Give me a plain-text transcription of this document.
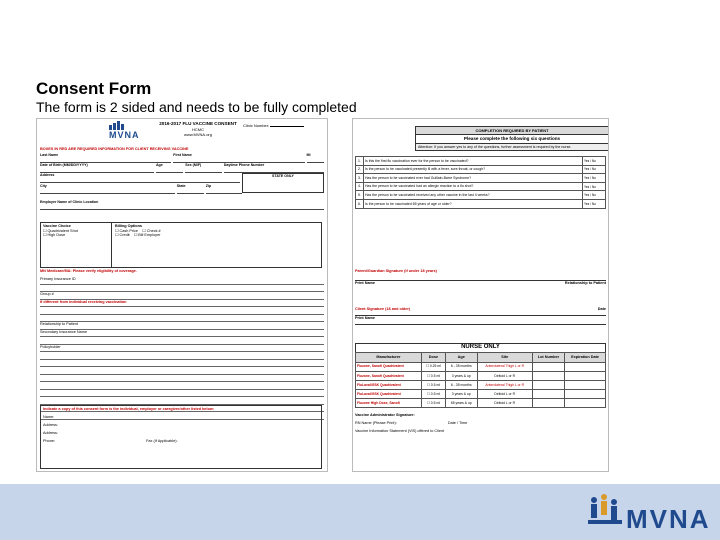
Consent Form

The form is 2 sided and needs to be fully completed

MVNA
2016-2017 FLU VACCINE CONSENT
HCMC
www.MVNA.org
Clinic Number:
BOXES IN RED ARE REQUIRED INFORMATION FOR CLIENT RECEIVING VACCINE
Last Name	First Name	MI
Date of Birth (MM/DD/YYYY)	Age	Sex (M/F)	Daytime Phone Number
Address	STATE ONLY
City	State	Zip
Employer Name of Clinic Location
Vaccine Choice
☐ Quadrivalent Shot
☐ High Dose
Billing Options
☐ Cash Price    ☐ Check #
☐ Credit    ☐ Bill Employer
MN Medicare/MA: Please verify eligibility of coverage.
Primary Insurance ID
Group #
If different from individual receiving vaccination
Relationship to Patient
Secondary Insurance Name
Policyholder
Indicate a copy of this consent form is the individual, employer or caregiver/other listed below:
Name:
Address:
Address:
Phone:	Fax (If Applicable):
COMPLETION REQUIRED BY PATIENT
Please complete the following six questions
Attention: If you answer yes to any of the questions, further assessment is required by the nurse.
1.	Is this the first flu vaccination ever for the person to be vaccinated?	Yes / No
2.	Is the person to be vaccinated presently ill with a fever, sore throat, or cough?	Yes / No
3.	Has the person to be vaccinated ever had Guillain-Barre Syndrome?	Yes / No
4.	Has the person to be vaccinated had an allergic reaction to a flu shot?	Yes / No
5.	Has the person to be vaccinated received any other vaccine in the last 4 weeks?	Yes / No
6.	Is the person to be vaccinated 65 years of age or older?	Yes / No
Parent/Guardian Signature (if under 18 years)
Print Name	Relationship to Patient
Client Signature (18 and older)	Date
Print Name
NURSE ONLY
Manufacturer	Dose	Age	Site	Lot Number	Expiration Date
Fluzone, Sanofi Quadrivalent	☐ 0.25 ml	6 - 35 months	Anterolateral Thigh L or R		
Fluzone, Sanofi Quadrivalent	☐ 0.5 ml	3 years & up	Deltoid L or R		
FluLaval/GSK Quadrivalent	☐ 0.5 ml	6 - 35 months	Anterolateral Thigh L or R		
FluLaval/GSK Quadrivalent	☐ 0.5 ml	3 years & up	Deltoid L or R		
Fluzone High Dose, Sanofi	☐ 0.5 ml	65 years & up	Deltoid L or R		
Vaccine Administrator Signature:
RN Name (Please Print):	Date / Time
Vaccine Information Statement (VIS) offered to Client
MVNA
